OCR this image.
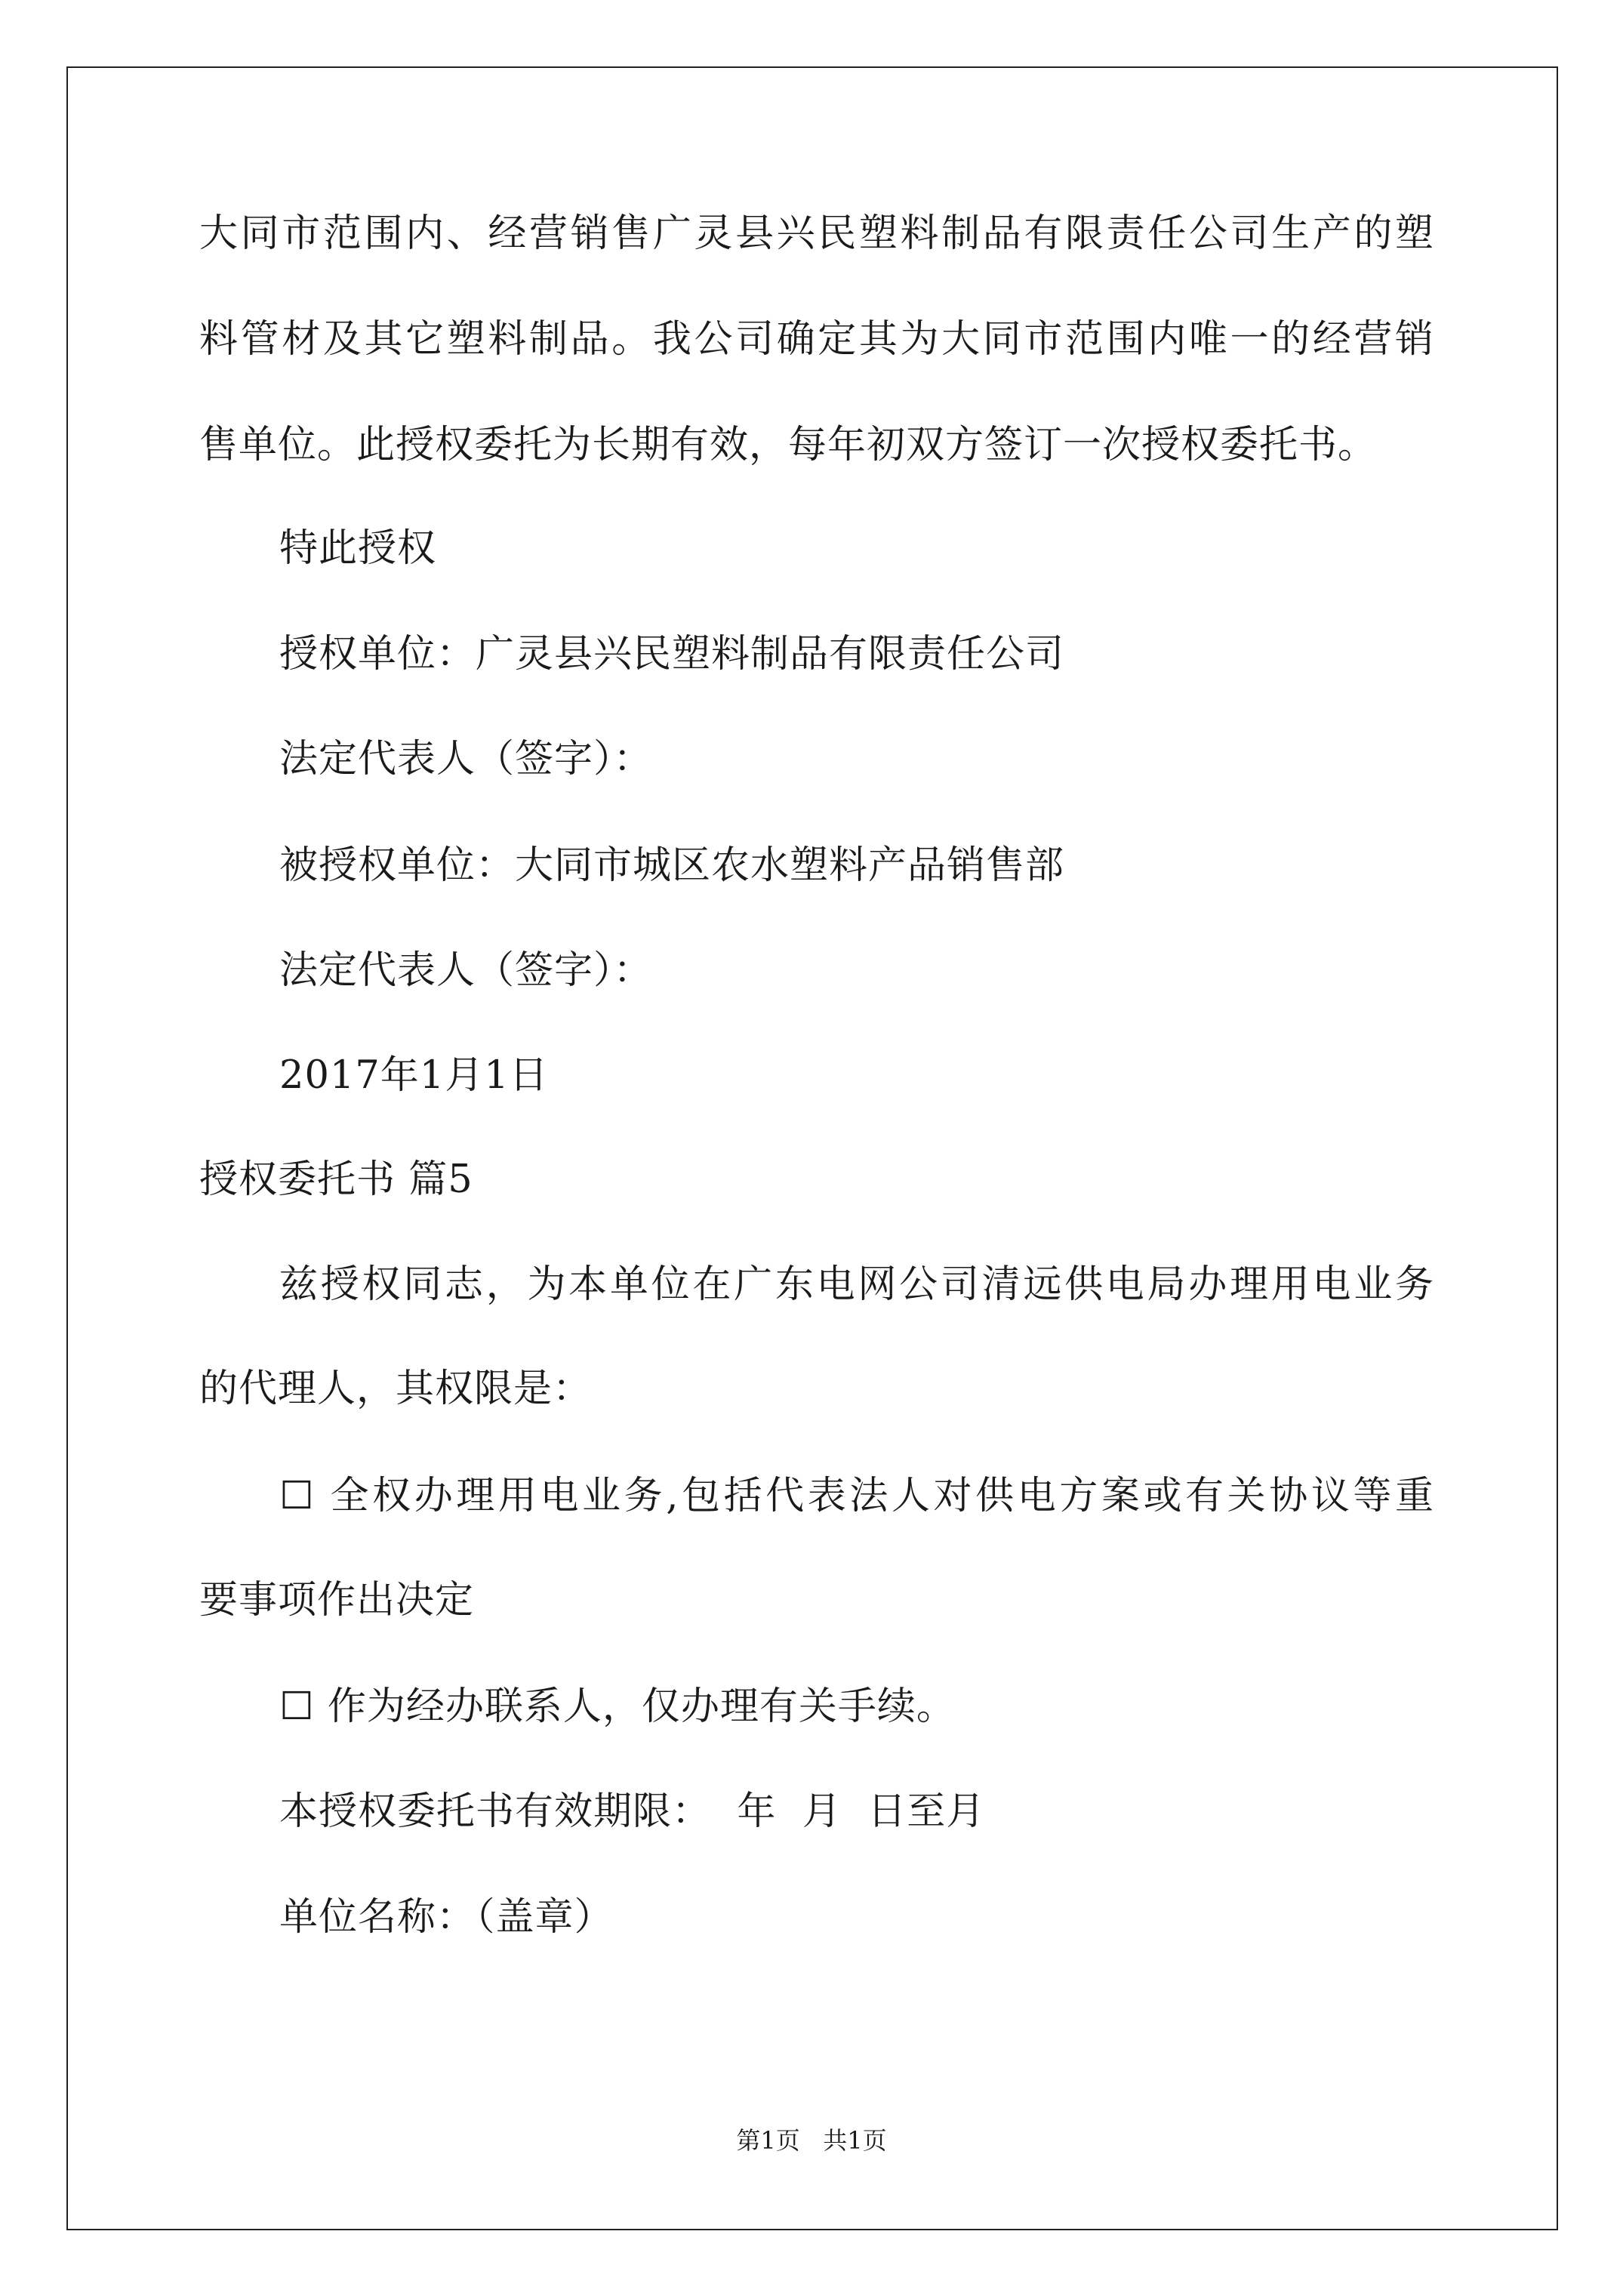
大同市范围内、经营销售广灵县兴民塑料制品有限责任公司生产的塑
料管材及其它塑料制品。我公司确定其为大同市范围内唯一的经营销
售单位。此授权委托为长期有效，每年初双方签订一次授权委托书。
特此授权
授权单位：广灵县兴民塑料制品有限责任公司
法定代表人（签字）：
被授权单位：大同市城区农水塑料产品销售部
法定代表人（签字）：
2017年1月1日
授权委托书 篇5
兹授权同志，为本单位在广东电网公司清远供电局办理用电业务
的代理人，其权限是：
☐ 全权办理用电业务,包括代表法人对供电方案或有关协议等重
要事项作出决定
☐ 作为经办联系人，仅办理有关手续。
本授权委托书有效期限：  年  月  日至月
单位名称：（盖章）
第1页   共1页
